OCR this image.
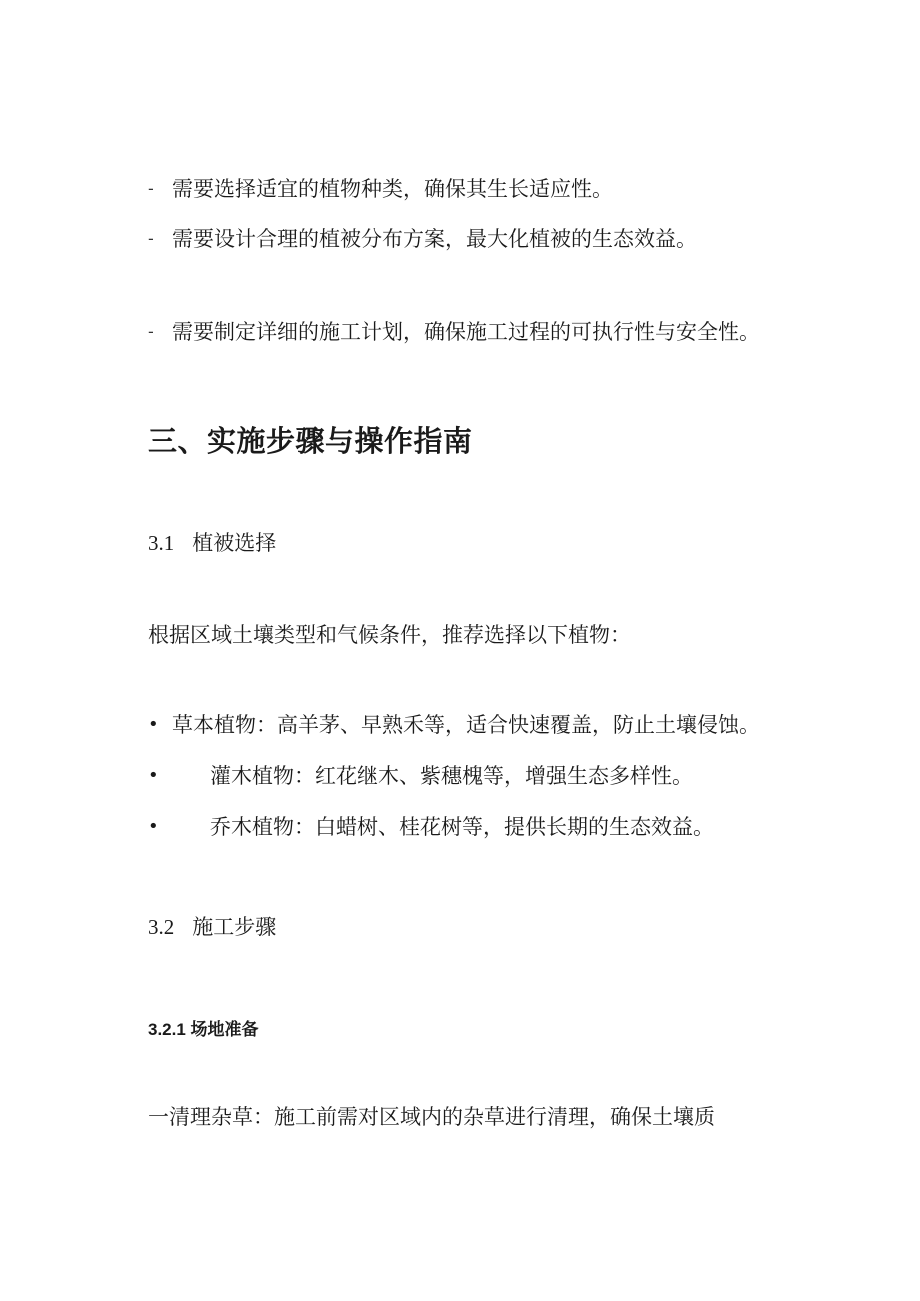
- 需要选择适宜的植物种类，确保其生长适应性。
- 需要设计合理的植被分布方案，最大化植被的生态效益。
- 需要制定详细的施工计划，确保施工过程的可执行性与安全性。
三、实施步骤与操作指南
3.1 植被选择
根据区域土壤类型和气候条件，推荐选择以下植物：
• 草本植物：高羊茅、早熟禾等，适合快速覆盖，防止土壤侵蚀。
• 灌木植物：红花继木、紫穗槐等，增强生态多样性。
• 乔木植物：白蜡树、桂花树等，提供长期的生态效益。
3.2 施工步骤
3.2.1 场地准备
一清理杂草：施工前需对区域内的杂草进行清理，确保土壤质
